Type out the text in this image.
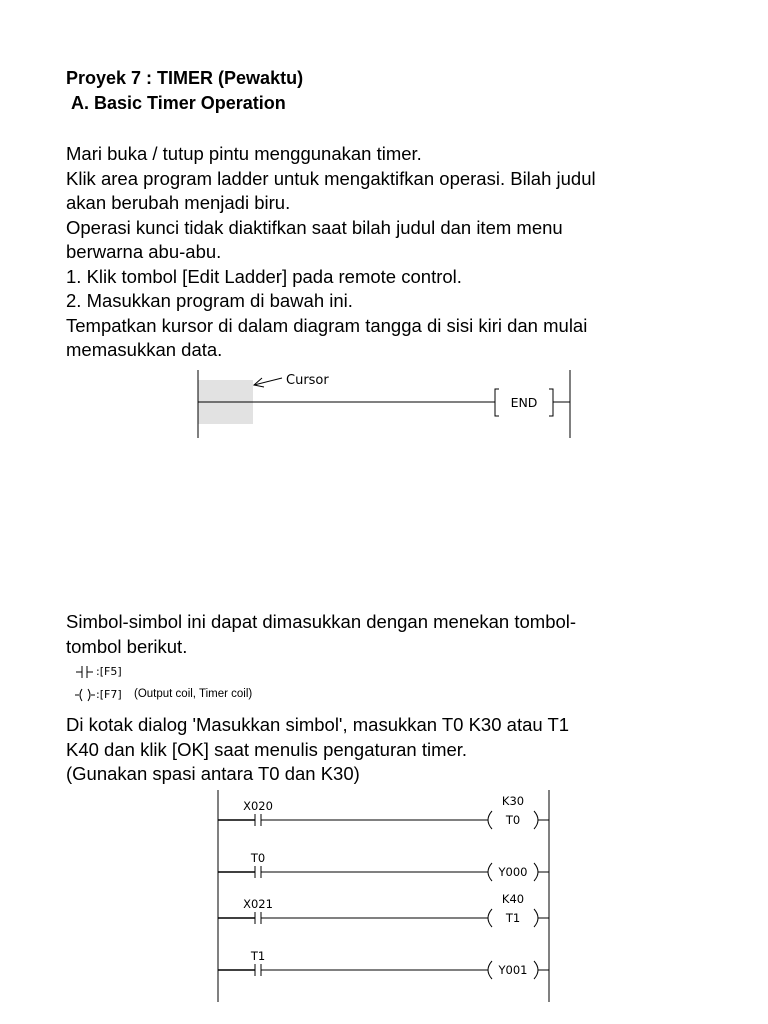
Proyek 7 : TIMER (Pewaktu)
A. Basic Timer Operation
Mari buka / tutup pintu menggunakan timer.
Klik area program ladder untuk mengaktifkan operasi. Bilah judul
akan berubah menjadi biru.
Operasi kunci tidak diaktifkan saat bilah judul dan item menu
berwarna abu-abu.
1. Klik tombol [Edit Ladder] pada remote control.
2. Masukkan program di bawah ini.
Tempatkan kursor di dalam diagram tangga di sisi kiri dan mulai
memasukkan data.
Cursor
END
Simbol-simbol ini dapat dimasukkan dengan menekan tombol-
tombol berikut.
:[F5]
:[F7] (Output coil, Timer coil)
Di kotak dialog 'Masukkan simbol', masukkan T0 K30 atau T1
K40 dan klik [OK] saat menulis pengaturan timer.
(Gunakan spasi antara T0 dan K30)
X020
T0
K30
T0
Y000
X021
T1
K40
T1
Y001
